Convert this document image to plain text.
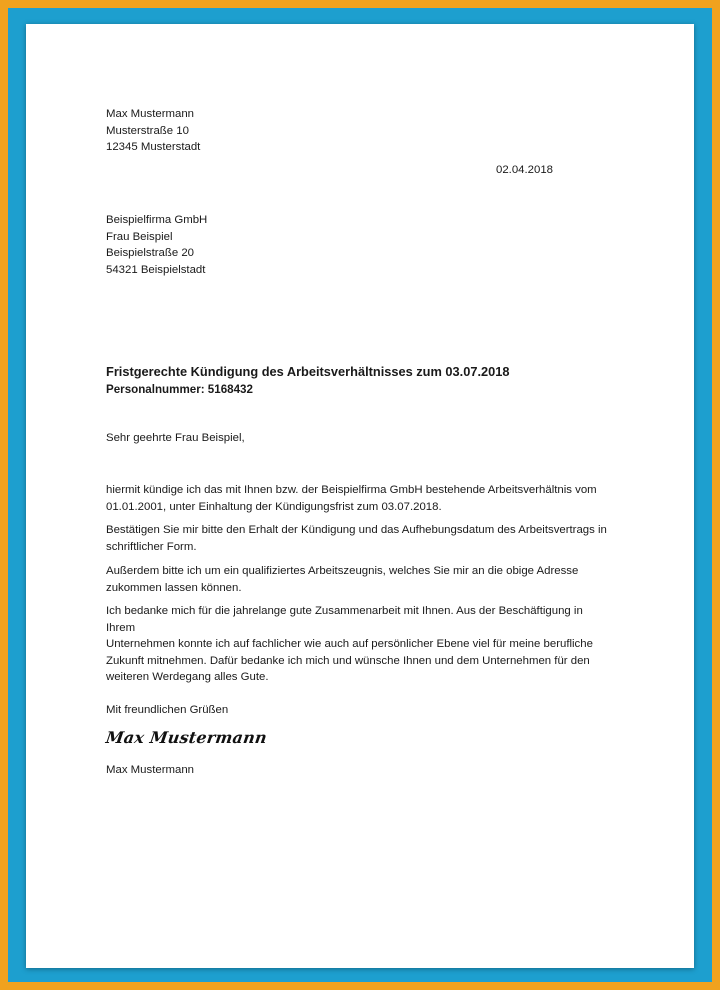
Max Mustermann
Musterstraße 10
12345 Musterstadt
02.04.2018
Beispielfirma GmbH
Frau Beispiel
Beispielstraße 20
54321 Beispielstadt
Fristgerechte Kündigung des Arbeitsverhältnisses zum 03.07.2018
Personalnummer: 5168432
Sehr geehrte Frau Beispiel,
hiermit kündige ich das mit Ihnen bzw. der Beispielfirma GmbH bestehende Arbeitsverhältnis vom
01.01.2001, unter Einhaltung der Kündigungsfrist zum 03.07.2018.
Bestätigen Sie mir bitte den Erhalt der Kündigung und das Aufhebungsdatum des Arbeitsvertrags in
schriftlicher Form.
Außerdem bitte ich um ein qualifiziertes Arbeitszeugnis, welches Sie mir an die obige Adresse
zukommen lassen können.
Ich bedanke mich für die jahrelange gute Zusammenarbeit mit Ihnen. Aus der Beschäftigung in Ihrem
Unternehmen konnte ich auf fachlicher wie auch auf persönlicher Ebene viel für meine berufliche
Zukunft mitnehmen. Dafür bedanke ich mich und wünsche Ihnen und dem Unternehmen für den
weiteren Werdegang alles Gute.
Mit freundlichen Grüßen
Max Mustermann
Max Mustermann
